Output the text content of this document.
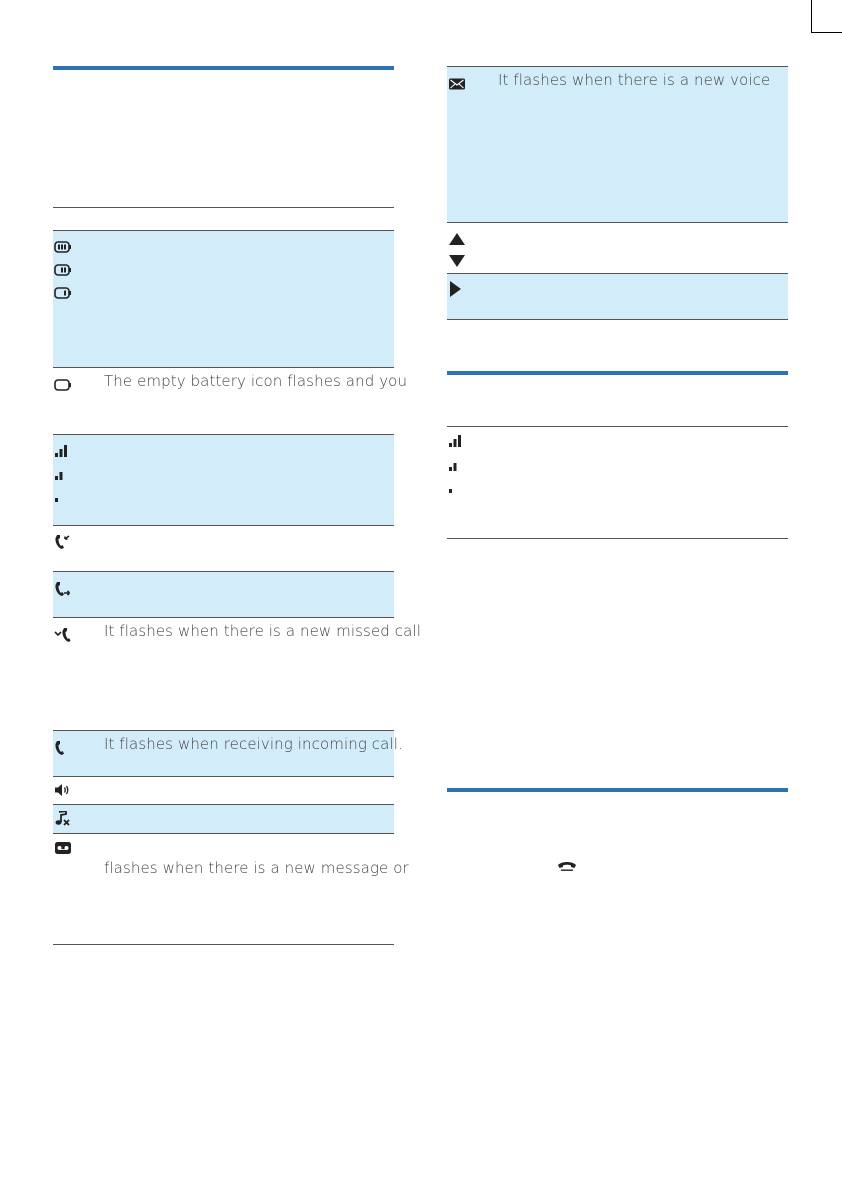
The empty battery icon flashes and you
It flashes when there is a new missed call
It flashes when receiving incoming call.
flashes when there is a new message or
It flashes when there is a new voice
